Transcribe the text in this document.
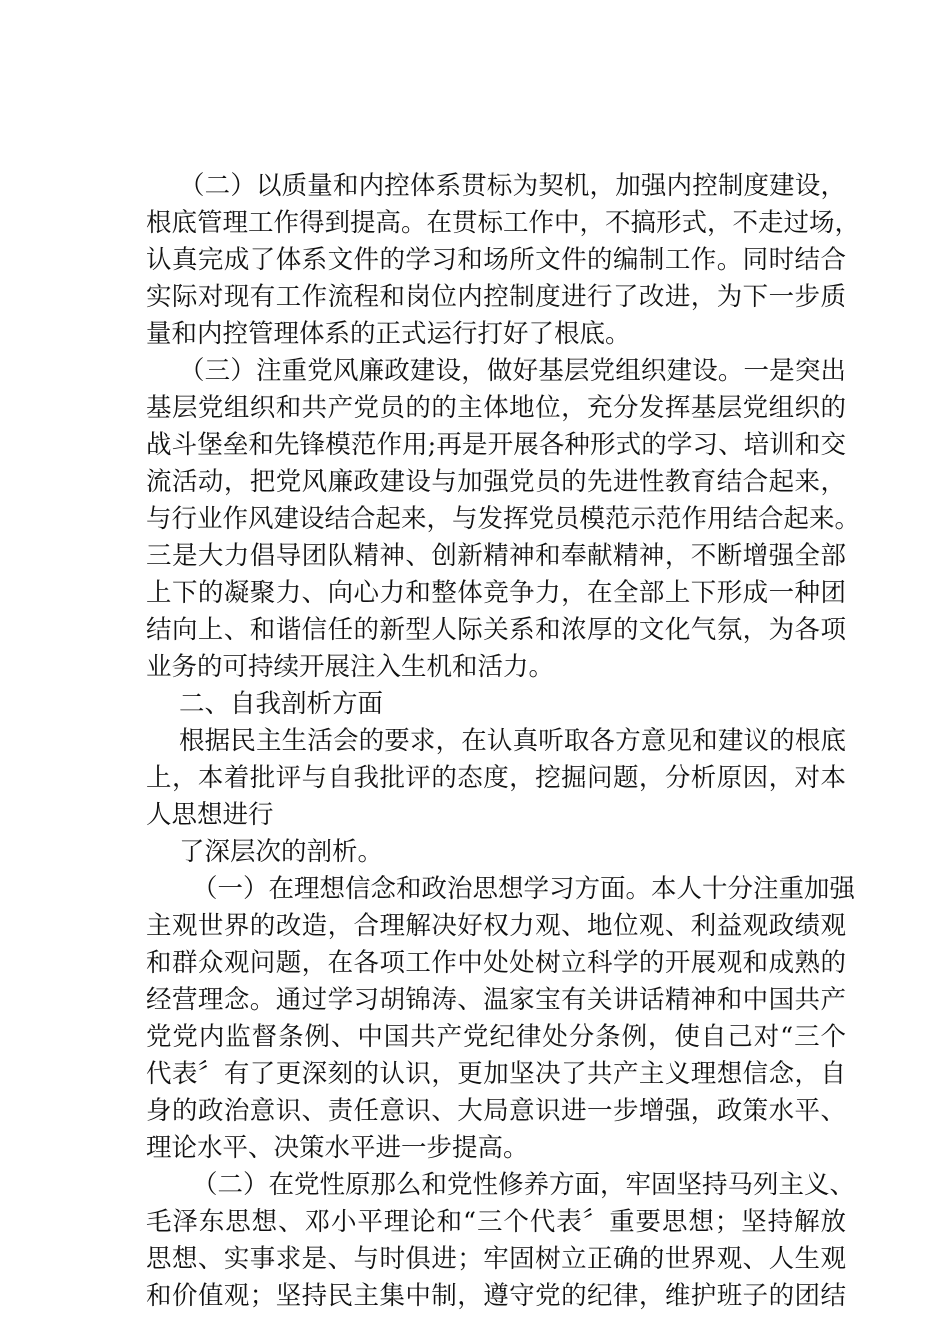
（二）以质量和内控体系贯标为契机，加强内控制度建设，
根底管理工作得到提高。在贯标工作中，不搞形式，不走过场，
认真完成了体系文件的学习和场所文件的编制工作。同时结合
实际对现有工作流程和岗位内控制度进行了改进，为下一步质
量和内控管理体系的正式运行打好了根底。
（三）注重党风廉政建设，做好基层党组织建设。一是突出
基层党组织和共产党员的的主体地位，充分发挥基层党组织的
战斗堡垒和先锋模范作用;再是开展各种形式的学习、培训和交
流活动，把党风廉政建设与加强党员的先进性教育结合起来，
与行业作风建设结合起来，与发挥党员模范示范作用结合起来。
三是大力倡导团队精神、创新精神和奉献精神，不断增强全部
上下的凝聚力、向心力和整体竞争力，在全部上下形成一种团
结向上、和谐信任的新型人际关系和浓厚的文化气氛，为各项
业务的可持续开展注入生机和活力。
二、自我剖析方面
根据民主生活会的要求，在认真听取各方意见和建议的根底
上，本着批评与自我批评的态度，挖掘问题，分析原因，对本
人思想进行
了深层次的剖析。
（一）在理想信念和政治思想学习方面。本人十分注重加强
主观世界的改造，合理解决好权力观、地位观、利益观政绩观
和群众观问题，在各项工作中处处树立科学的开展观和成熟的
经营理念。通过学习胡锦涛、温家宝有关讲话精神和中国共产
党党内监督条例、中国共产党纪律处分条例，使自己对“三个
代表〞有了更深刻的认识，更加坚决了共产主义理想信念，自
身的政治意识、责任意识、大局意识进一步增强，政策水平、
理论水平、决策水平进一步提高。
（二）在党性原那么和党性修养方面，牢固坚持马列主义、
毛泽东思想、邓小平理论和“三个代表〞重要思想；坚持解放
思想、实事求是、与时俱进；牢固树立正确的世界观、人生观
和价值观；坚持民主集中制，遵守党的纪律，维护班子的团结
